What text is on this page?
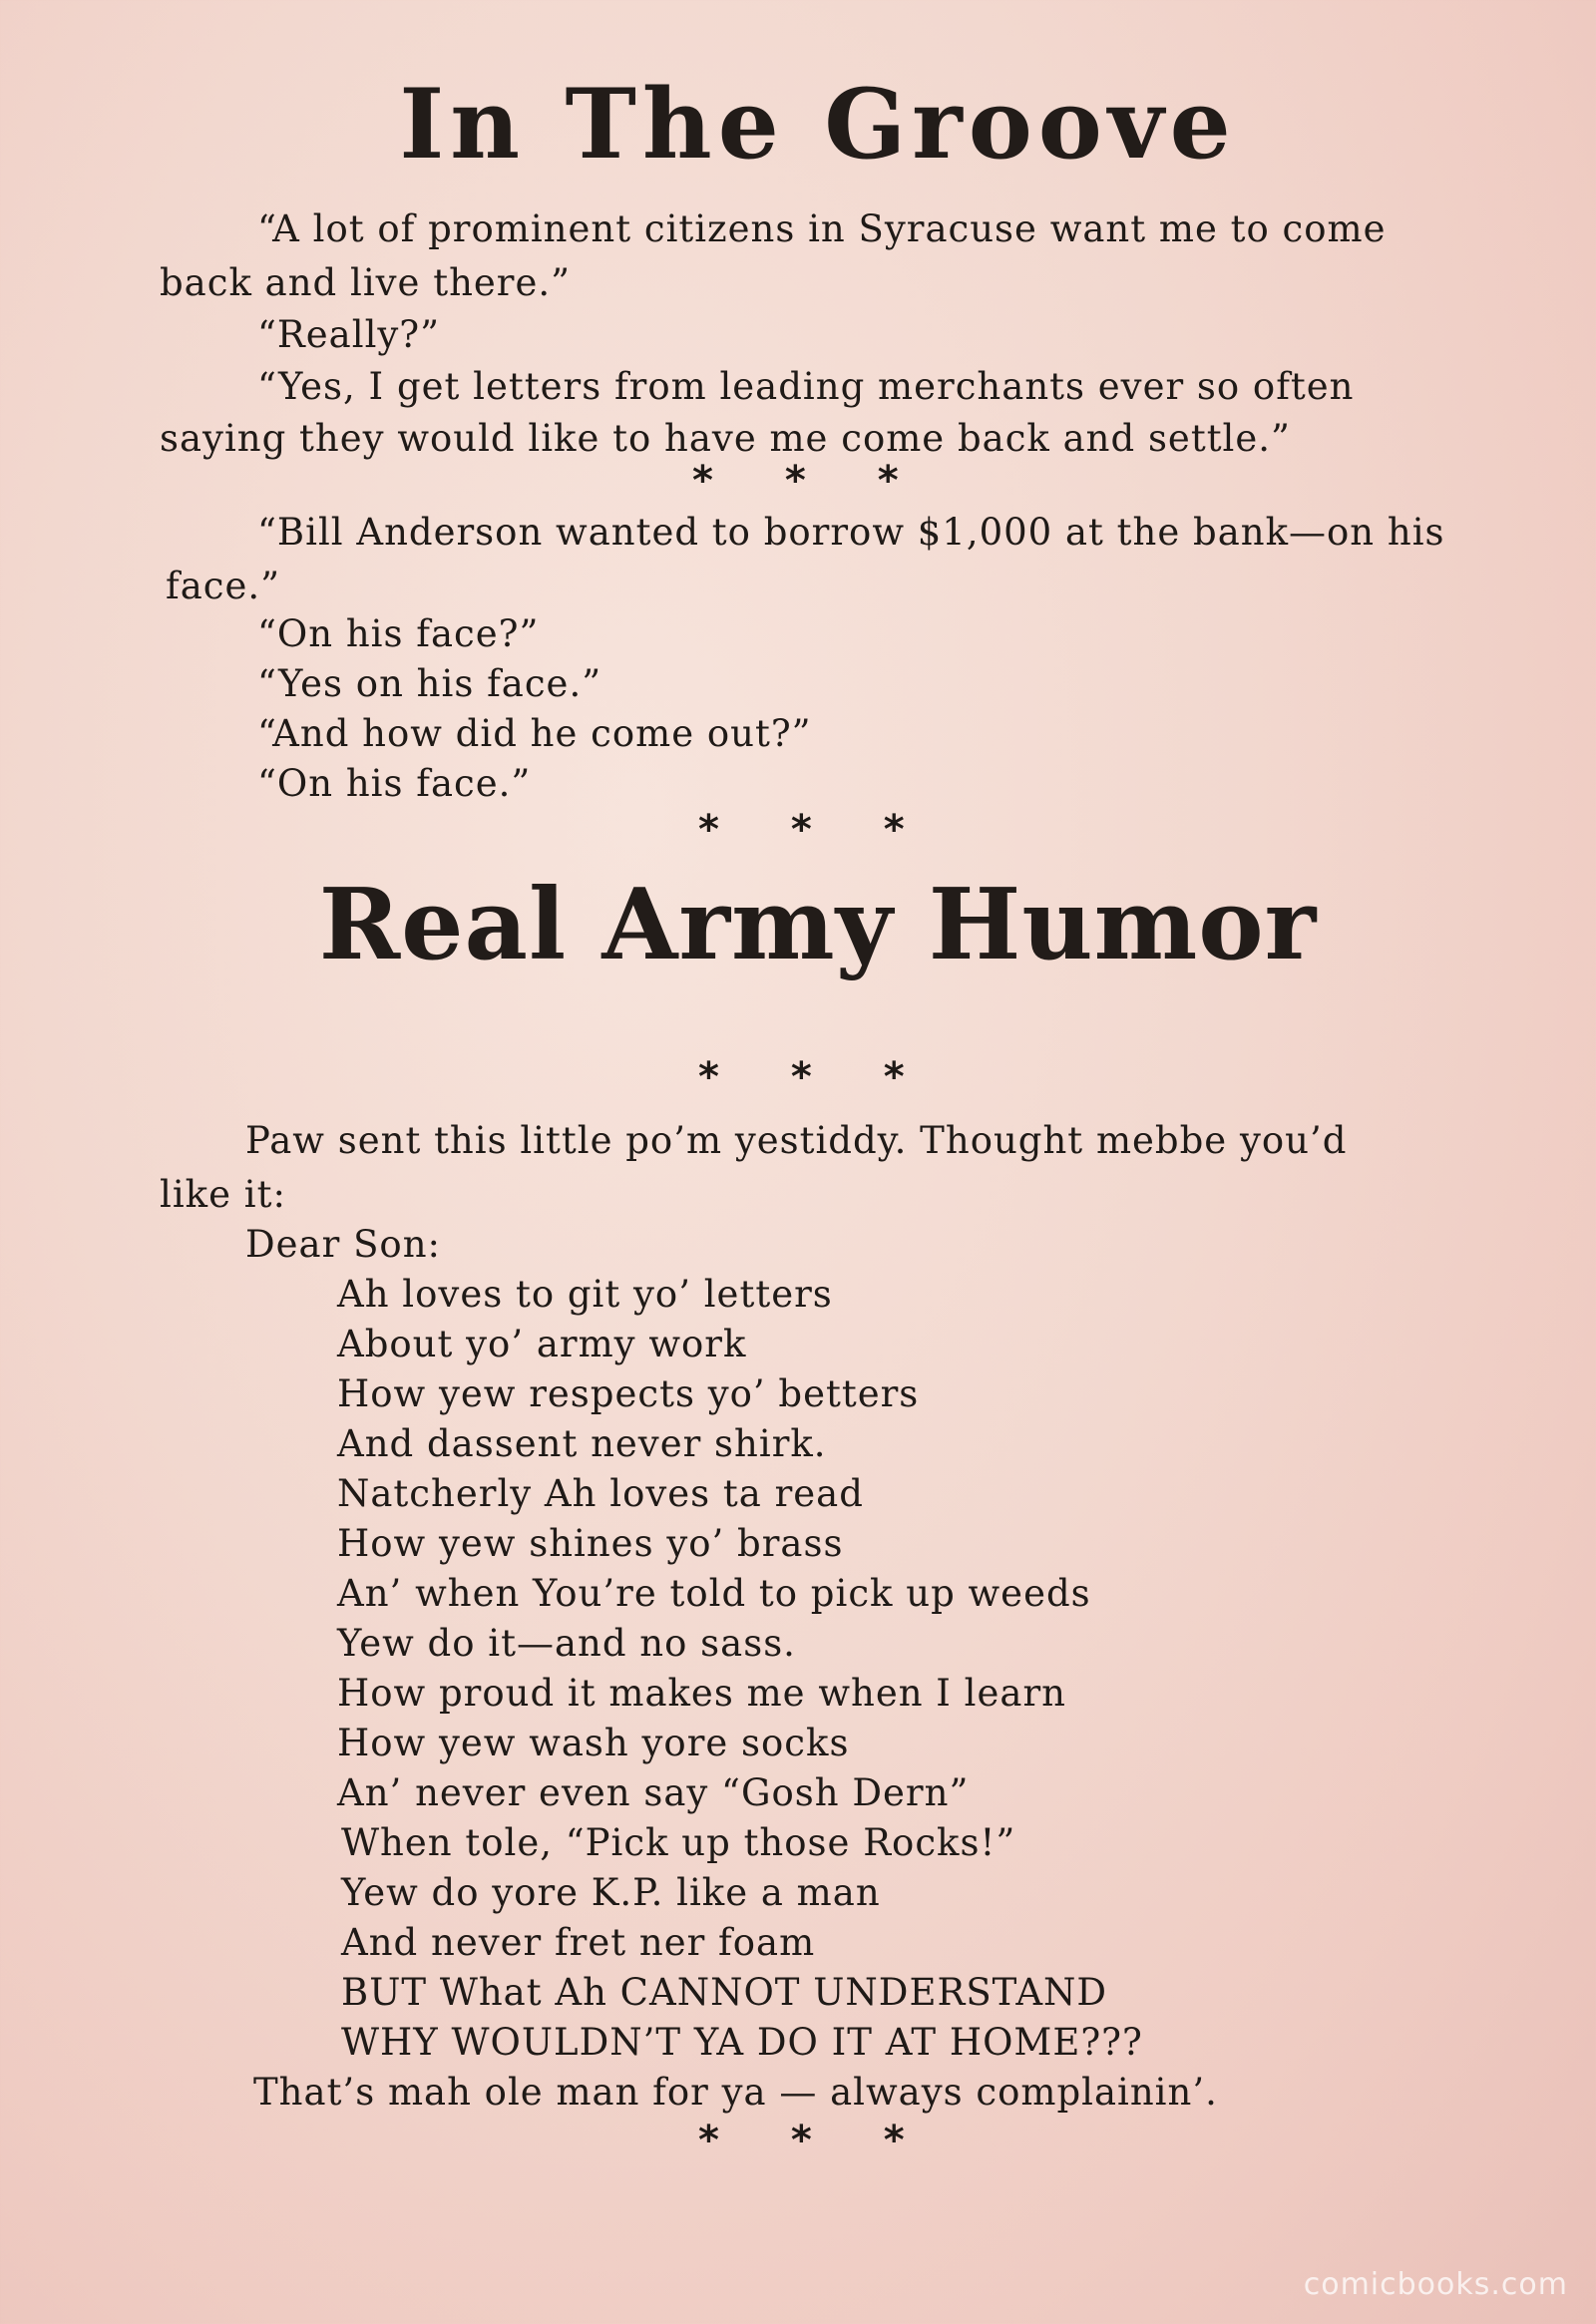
In The Groove
“A lot of prominent citizens in Syracuse want me to come
back and live there.”
“Really?”
“Yes, I get letters from leading merchants ever so often
saying they would like to have me come back and settle.”
* * *
“Bill Anderson wanted to borrow $1,000 at the bank—on his
face.”
“On his face?”
“Yes on his face.”
“And how did he come out?”
“On his face.”
* * *
Real Army Humor
* * *
Paw sent this little po’m yestiddy. Thought mebbe you’d
like it:
Dear Son:
Ah loves to git yo’ letters
About yo’ army work
How yew respects yo’ betters
And dassent never shirk.
Natcherly Ah loves ta read
How yew shines yo’ brass
An’ when You’re told to pick up weeds
Yew do it—and no sass.
How proud it makes me when I learn
How yew wash yore socks
An’ never even say “Gosh Dern”
When tole, “Pick up those Rocks!”
Yew do yore K.P. like a man
And never fret ner foam
BUT What Ah CANNOT UNDERSTAND
WHY WOULDN’T YA DO IT AT HOME???
That’s mah ole man for ya — always complainin’.
* * *
comicbooks.com
